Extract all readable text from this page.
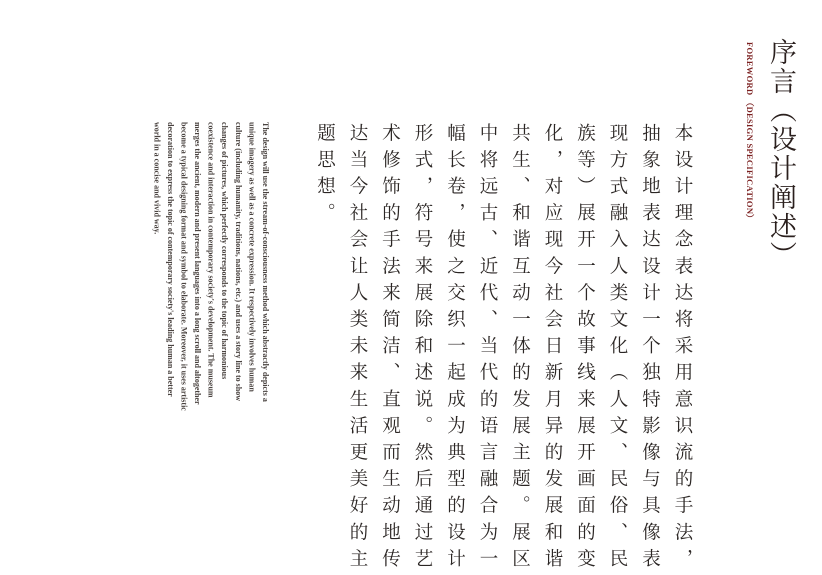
序言（设计阐述）
FOREWORD （DESIGN SPECIFICATION）
本设计理念表达将采用意识流的手法，
抽象地表达设计一个独特影像与具像表
现方式融入人类文化（人文、民俗、民
族等）展开一个故事线来展开画面的变
化，对应现今社会日新月异的发展和谐
共生、和谐互动一体的发展主题。展区
中将远古、近代、当代的语言融合为一
幅长卷，使之交织一起成为典型的设计
形式，符号来展除和述说。然后通过艺
术修饰的手法来简洁、直观而生动地传
达当今社会让人类未来生活更美好的主
题思想。
The design will use the stream-of-consciousness method which abstractly depicts a
unique imagery as well as a concrete expression. It respectively involves human
culture (including humanity, traditions, nations, etc.) and uses a story line to show
changes of pictures, which perfectly corresponds to the topic of harmonious
coexistence and interaction in contemporary society's development. The museum
merges the ancient, modern and present languages into a long scroll and altogether
become a typical designing format and symbol to elaborate. Moreover, it uses artistic
decoration to express the topic of contemporary society's leading human a better
world in a concise and vivid way.
